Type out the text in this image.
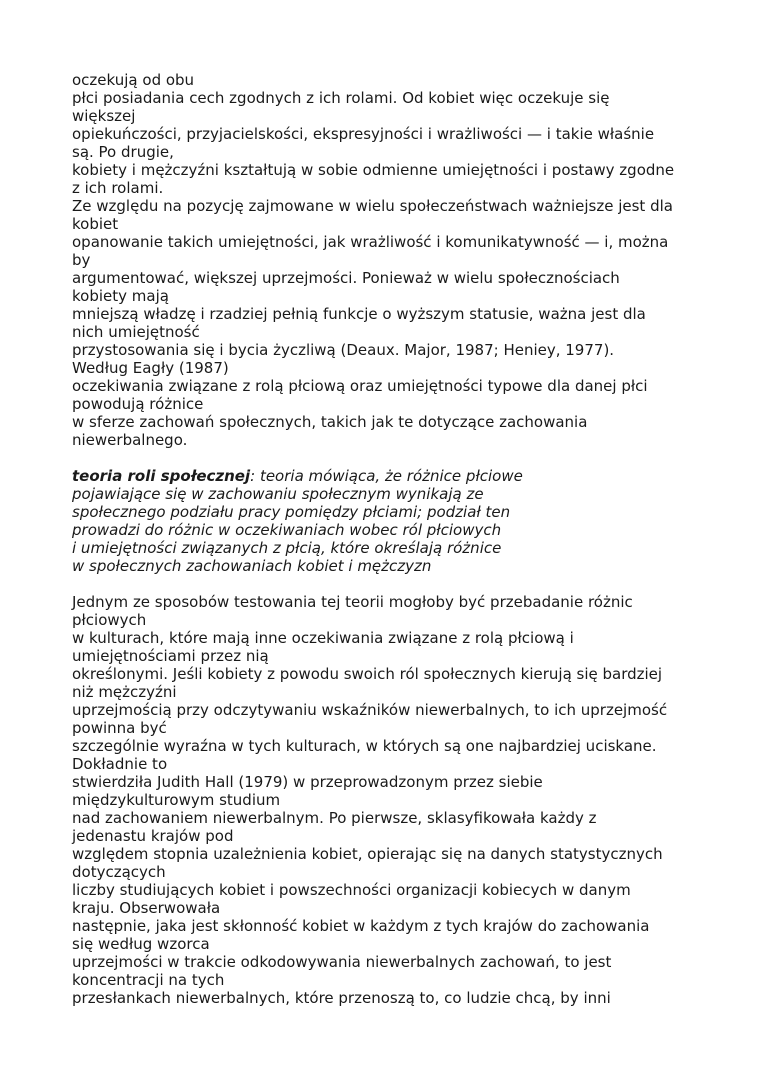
oczekują od obu
płci posiadania cech zgodnych z ich rolami. Od kobiet więc oczekuje się
większej
opiekuńczości, przyjacielskości, ekspresyjności i wrażliwości — i takie właśnie
są. Po drugie,
kobiety i mężczyźni kształtują w sobie odmienne umiejętności i postawy zgodne
z ich rolami.
Ze względu na pozycję zajmowane w wielu społeczeństwach ważniejsze jest dla
kobiet
opanowanie takich umiejętności, jak wrażliwość i komunikatywność — i, można
by
argumentować, większej uprzejmości. Ponieważ w wielu społecznościach
kobiety mają
mniejszą władzę i rzadziej pełnią funkcje o wyższym statusie, ważna jest dla
nich umiejętność
przystosowania się i bycia życzliwą (Deaux. Major, 1987; Heniey, 1977).
Według Eagły (1987)
oczekiwania związane z rolą płciową oraz umiejętności typowe dla danej płci
powodują różnice
w sferze zachowań społecznych, takich jak te dotyczące zachowania
niewerbalnego.
teoria roli społecznej: teoria mówiąca, że różnice płciowe
pojawiające się w zachowaniu społecznym wynikają ze
społecznego podziału pracy pomiędzy płciami; podział ten
prowadzi do różnic w oczekiwaniach wobec ról płciowych
i umiejętności związanych z płcią, które określają różnice
w społecznych zachowaniach kobiet i mężczyzn
Jednym ze sposobów testowania tej teorii mogłoby być przebadanie różnic
płciowych
w kulturach, które mają inne oczekiwania związane z rolą płciową i
umiejętnościami przez nią
określonymi. Jeśli kobiety z powodu swoich ról społecznych kierują się bardziej
niż mężczyźni
uprzejmością przy odczytywaniu wskaźników niewerbalnych, to ich uprzejmość
powinna być
szczególnie wyraźna w tych kulturach, w których są one najbardziej uciskane.
Dokładnie to
stwierdziła Judith Hall (1979) w przeprowadzonym przez siebie
międzykulturowym studium
nad zachowaniem niewerbalnym. Po pierwsze, sklasyfikowała każdy z
jedenastu krajów pod
względem stopnia uzależnienia kobiet, opierając się na danych statystycznych
dotyczących
liczby studiujących kobiet i powszechności organizacji kobiecych w danym
kraju. Obserwowała
następnie, jaka jest skłonność kobiet w każdym z tych krajów do zachowania
się według wzorca
uprzejmości w trakcie odkodowywania niewerbalnych zachowań, to jest
koncentracji na tych
przesłankach niewerbalnych, które przenoszą to, co ludzie chcą, by inni
